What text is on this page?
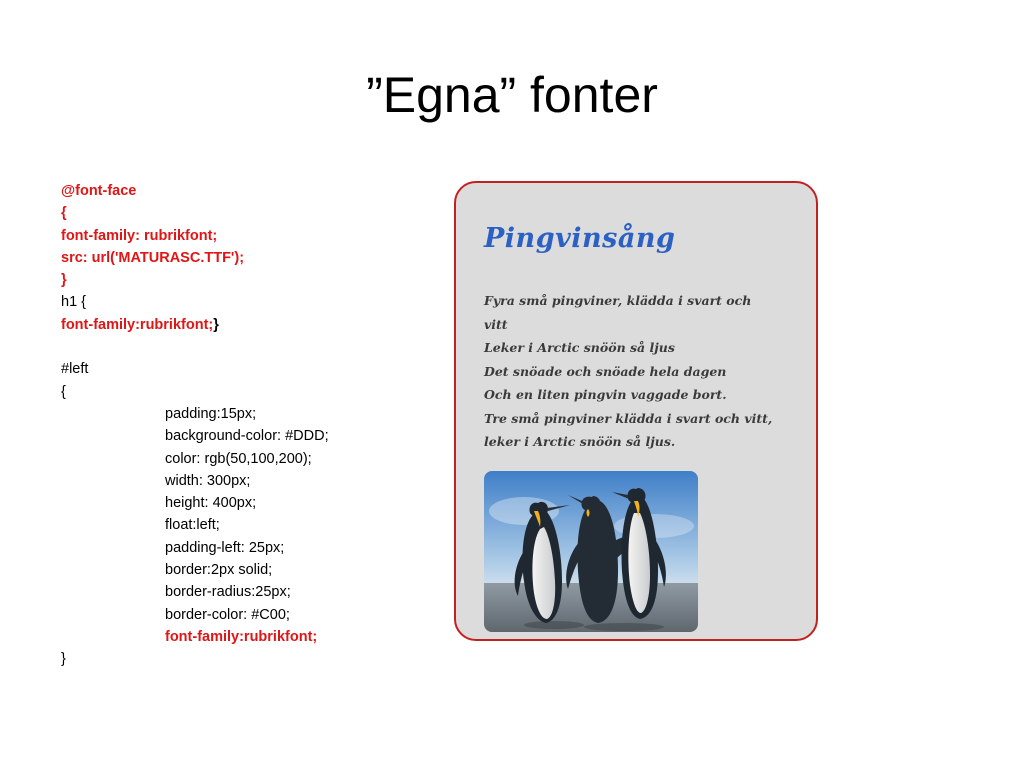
”Egna” fonter
@font-face
{
font-family: rubrikfont;
src: url('MATURASC.TTF');
}
h1 {
font-family:rubrikfont;}
#left
{
padding:15px;
background-color: #DDD;
color: rgb(50,100,200);
width: 300px;
height: 400px;
float:left;
padding-left: 25px;
border:2px solid;
border-radius:25px;
border-color: #C00;
font-family:rubrikfont;
}
Pingvinsång
Fyra små pingviner, klädda i svart och
vitt
Leker i Arctic snöön så ljus
Det snöade och snöade hela dagen
Och en liten pingvin vaggade bort.
Tre små pingviner klädda i svart och vitt,
leker i Arctic snöön så ljus.
